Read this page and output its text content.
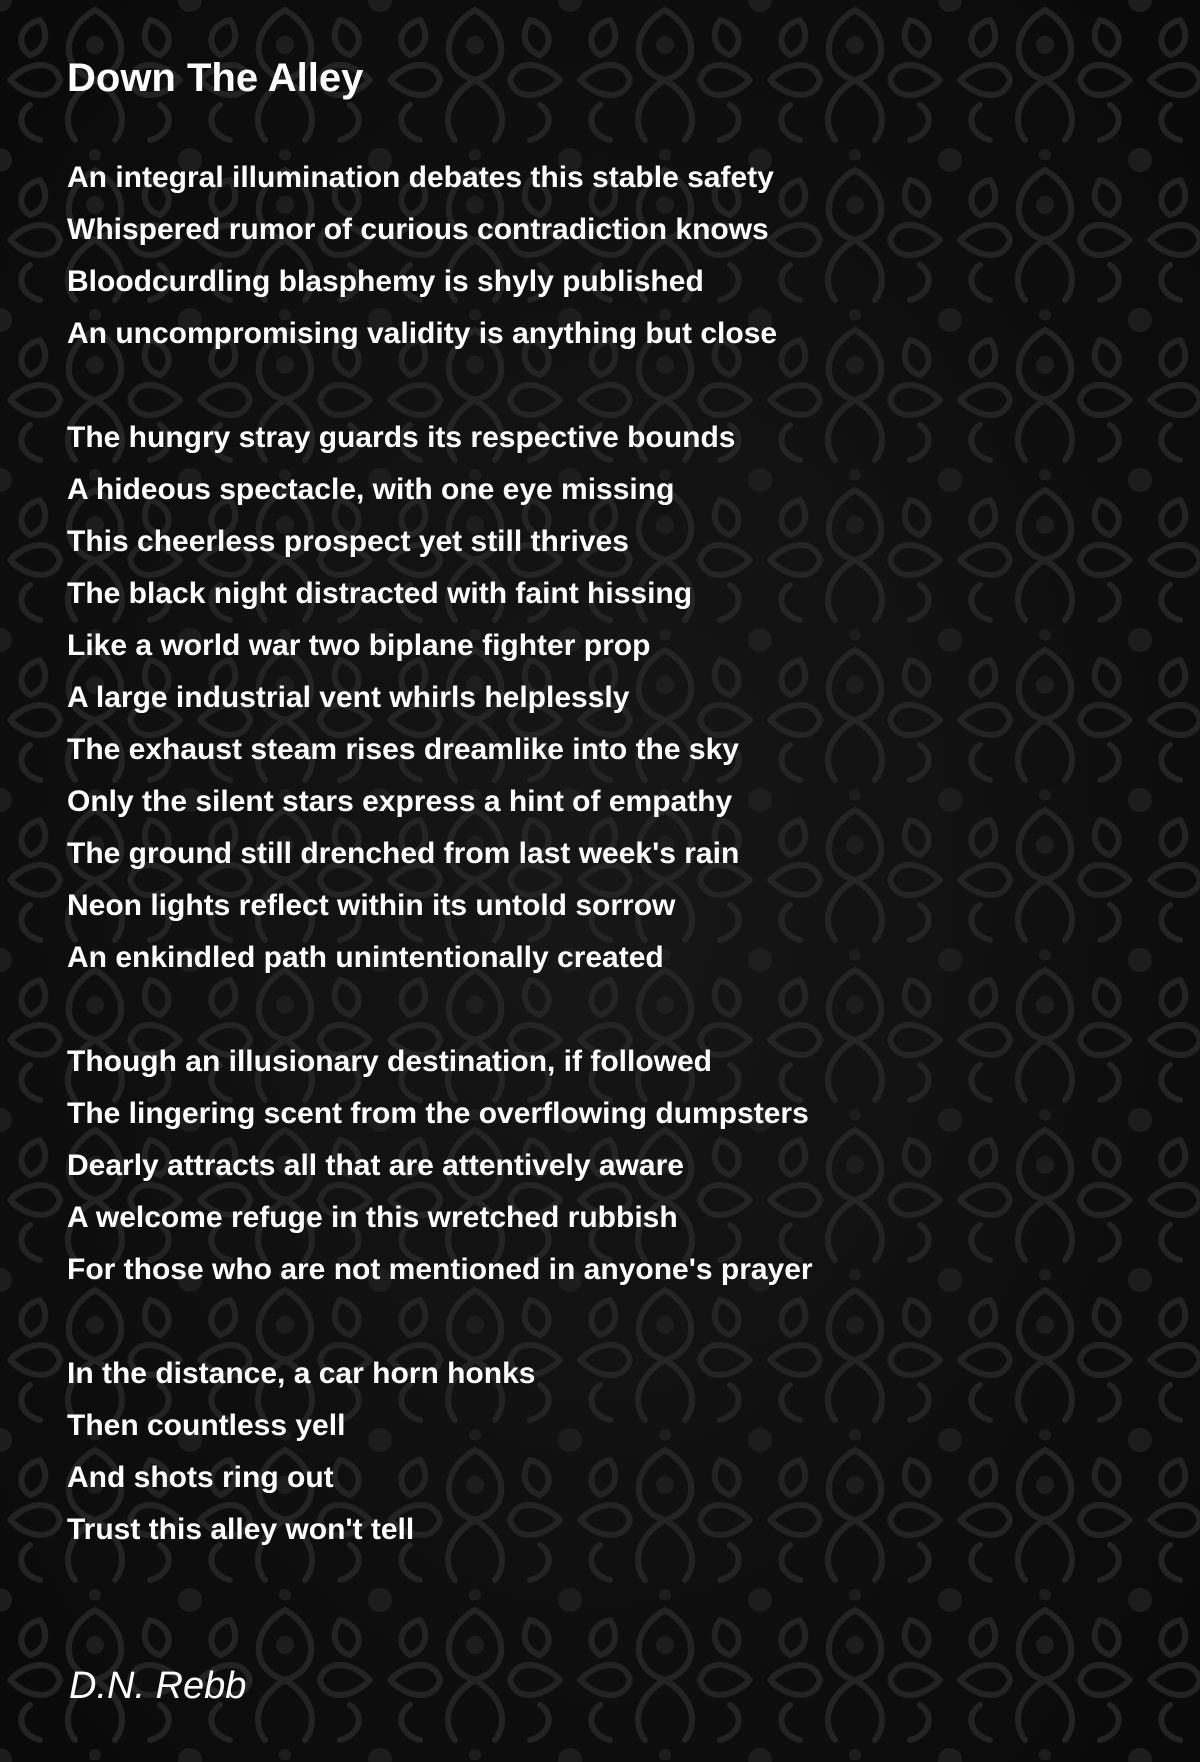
Down The Alley
An integral illumination debates this stable safety
Whispered rumor of curious contradiction knows
Bloodcurdling blasphemy is shyly published
An uncompromising validity is anything but close
The hungry stray guards its respective bounds
A hideous spectacle, with one eye missing
This cheerless prospect yet still thrives
The black night distracted with faint hissing
Like a world war two biplane fighter prop
A large industrial vent whirls helplessly
The exhaust steam rises dreamlike into the sky
Only the silent stars express a hint of empathy
The ground still drenched from last week's rain
Neon lights reflect within its untold sorrow
An enkindled path unintentionally created
Though an illusionary destination, if followed
The lingering scent from the overflowing dumpsters
Dearly attracts all that are attentively aware
A welcome refuge in this wretched rubbish
For those who are not mentioned in anyone's prayer
In the distance, a car horn honks
Then countless yell
And shots ring out
Trust this alley won't tell

D.N. Rebb
